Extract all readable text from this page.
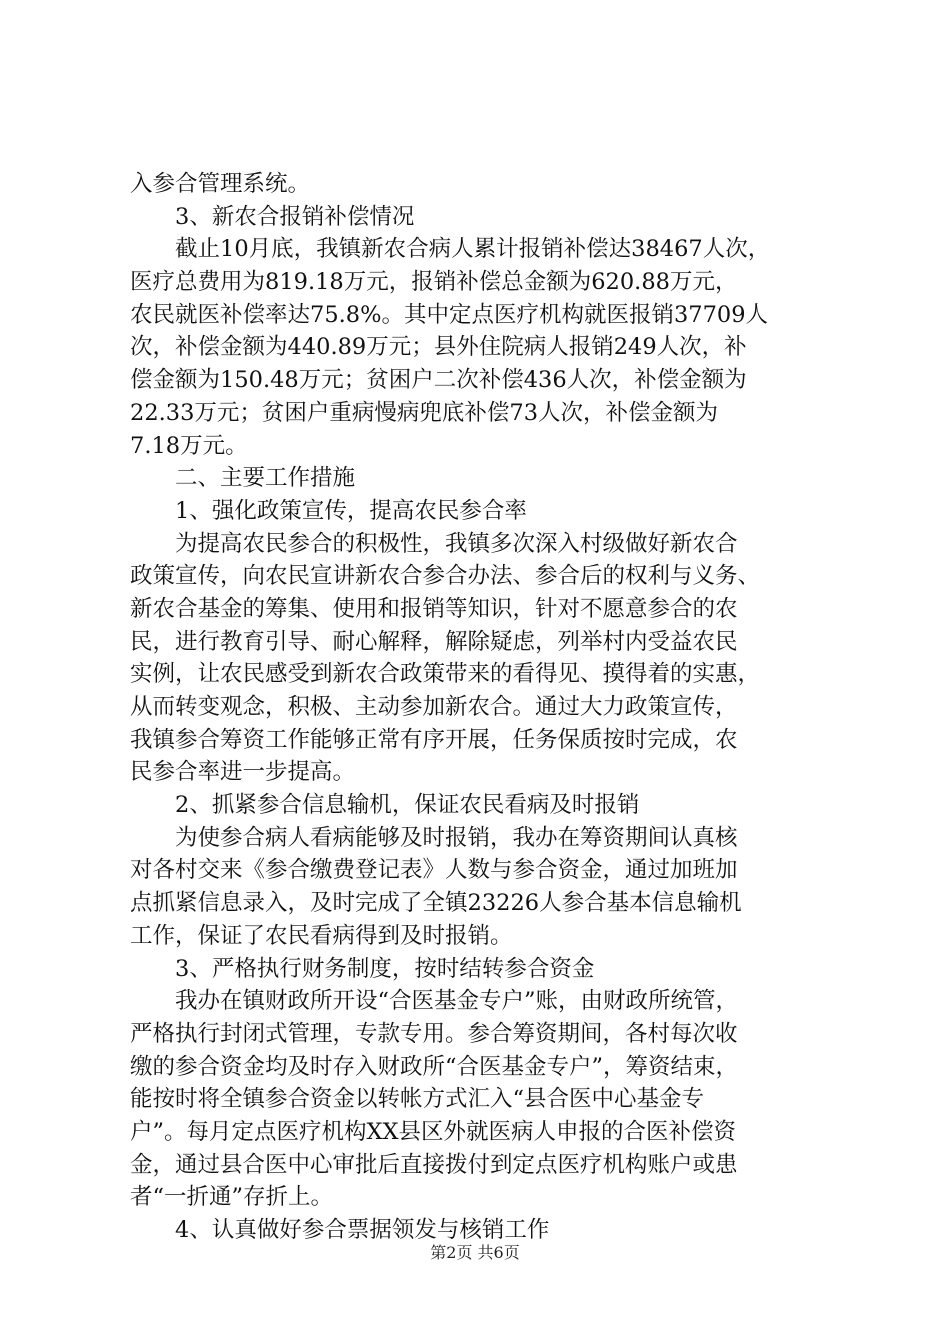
入参合管理系统。
3、新农合报销补偿情况
截止10月底，我镇新农合病人累计报销补偿达38467人次，
医疗总费用为819.18万元，报销补偿总金额为620.88万元，
农民就医补偿率达75.8%。其中定点医疗机构就医报销37709人
次，补偿金额为440.89万元；县外住院病人报销249人次，补
偿金额为150.48万元；贫困户二次补偿436人次，补偿金额为
22.33万元；贫困户重病慢病兜底补偿73人次，补偿金额为
7.18万元。
二、主要工作措施
1、强化政策宣传，提高农民参合率
为提高农民参合的积极性，我镇多次深入村级做好新农合
政策宣传，向农民宣讲新农合参合办法、参合后的权利与义务、
新农合基金的筹集、使用和报销等知识，针对不愿意参合的农
民，进行教育引导、耐心解释，解除疑虑，列举村内受益农民
实例，让农民感受到新农合政策带来的看得见、摸得着的实惠，
从而转变观念，积极、主动参加新农合。通过大力政策宣传，
我镇参合筹资工作能够正常有序开展，任务保质按时完成，农
民参合率进一步提高。
2、抓紧参合信息输机，保证农民看病及时报销
为使参合病人看病能够及时报销，我办在筹资期间认真核
对各村交来《参合缴费登记表》人数与参合资金，通过加班加
点抓紧信息录入，及时完成了全镇23226人参合基本信息输机
工作，保证了农民看病得到及时报销。
3、严格执行财务制度，按时结转参合资金
我办在镇财政所开设“合医基金专户”账，由财政所统管，
严格执行封闭式管理，专款专用。参合筹资期间，各村每次收
缴的参合资金均及时存入财政所“合医基金专户”，筹资结束，
能按时将全镇参合资金以转帐方式汇入“县合医中心基金专
户”。每月定点医疗机构XX县区外就医病人申报的合医补偿资
金，通过县合医中心审批后直接拨付到定点医疗机构账户或患
者“一折通”存折上。
4、认真做好参合票据领发与核销工作
第2页 共6页
